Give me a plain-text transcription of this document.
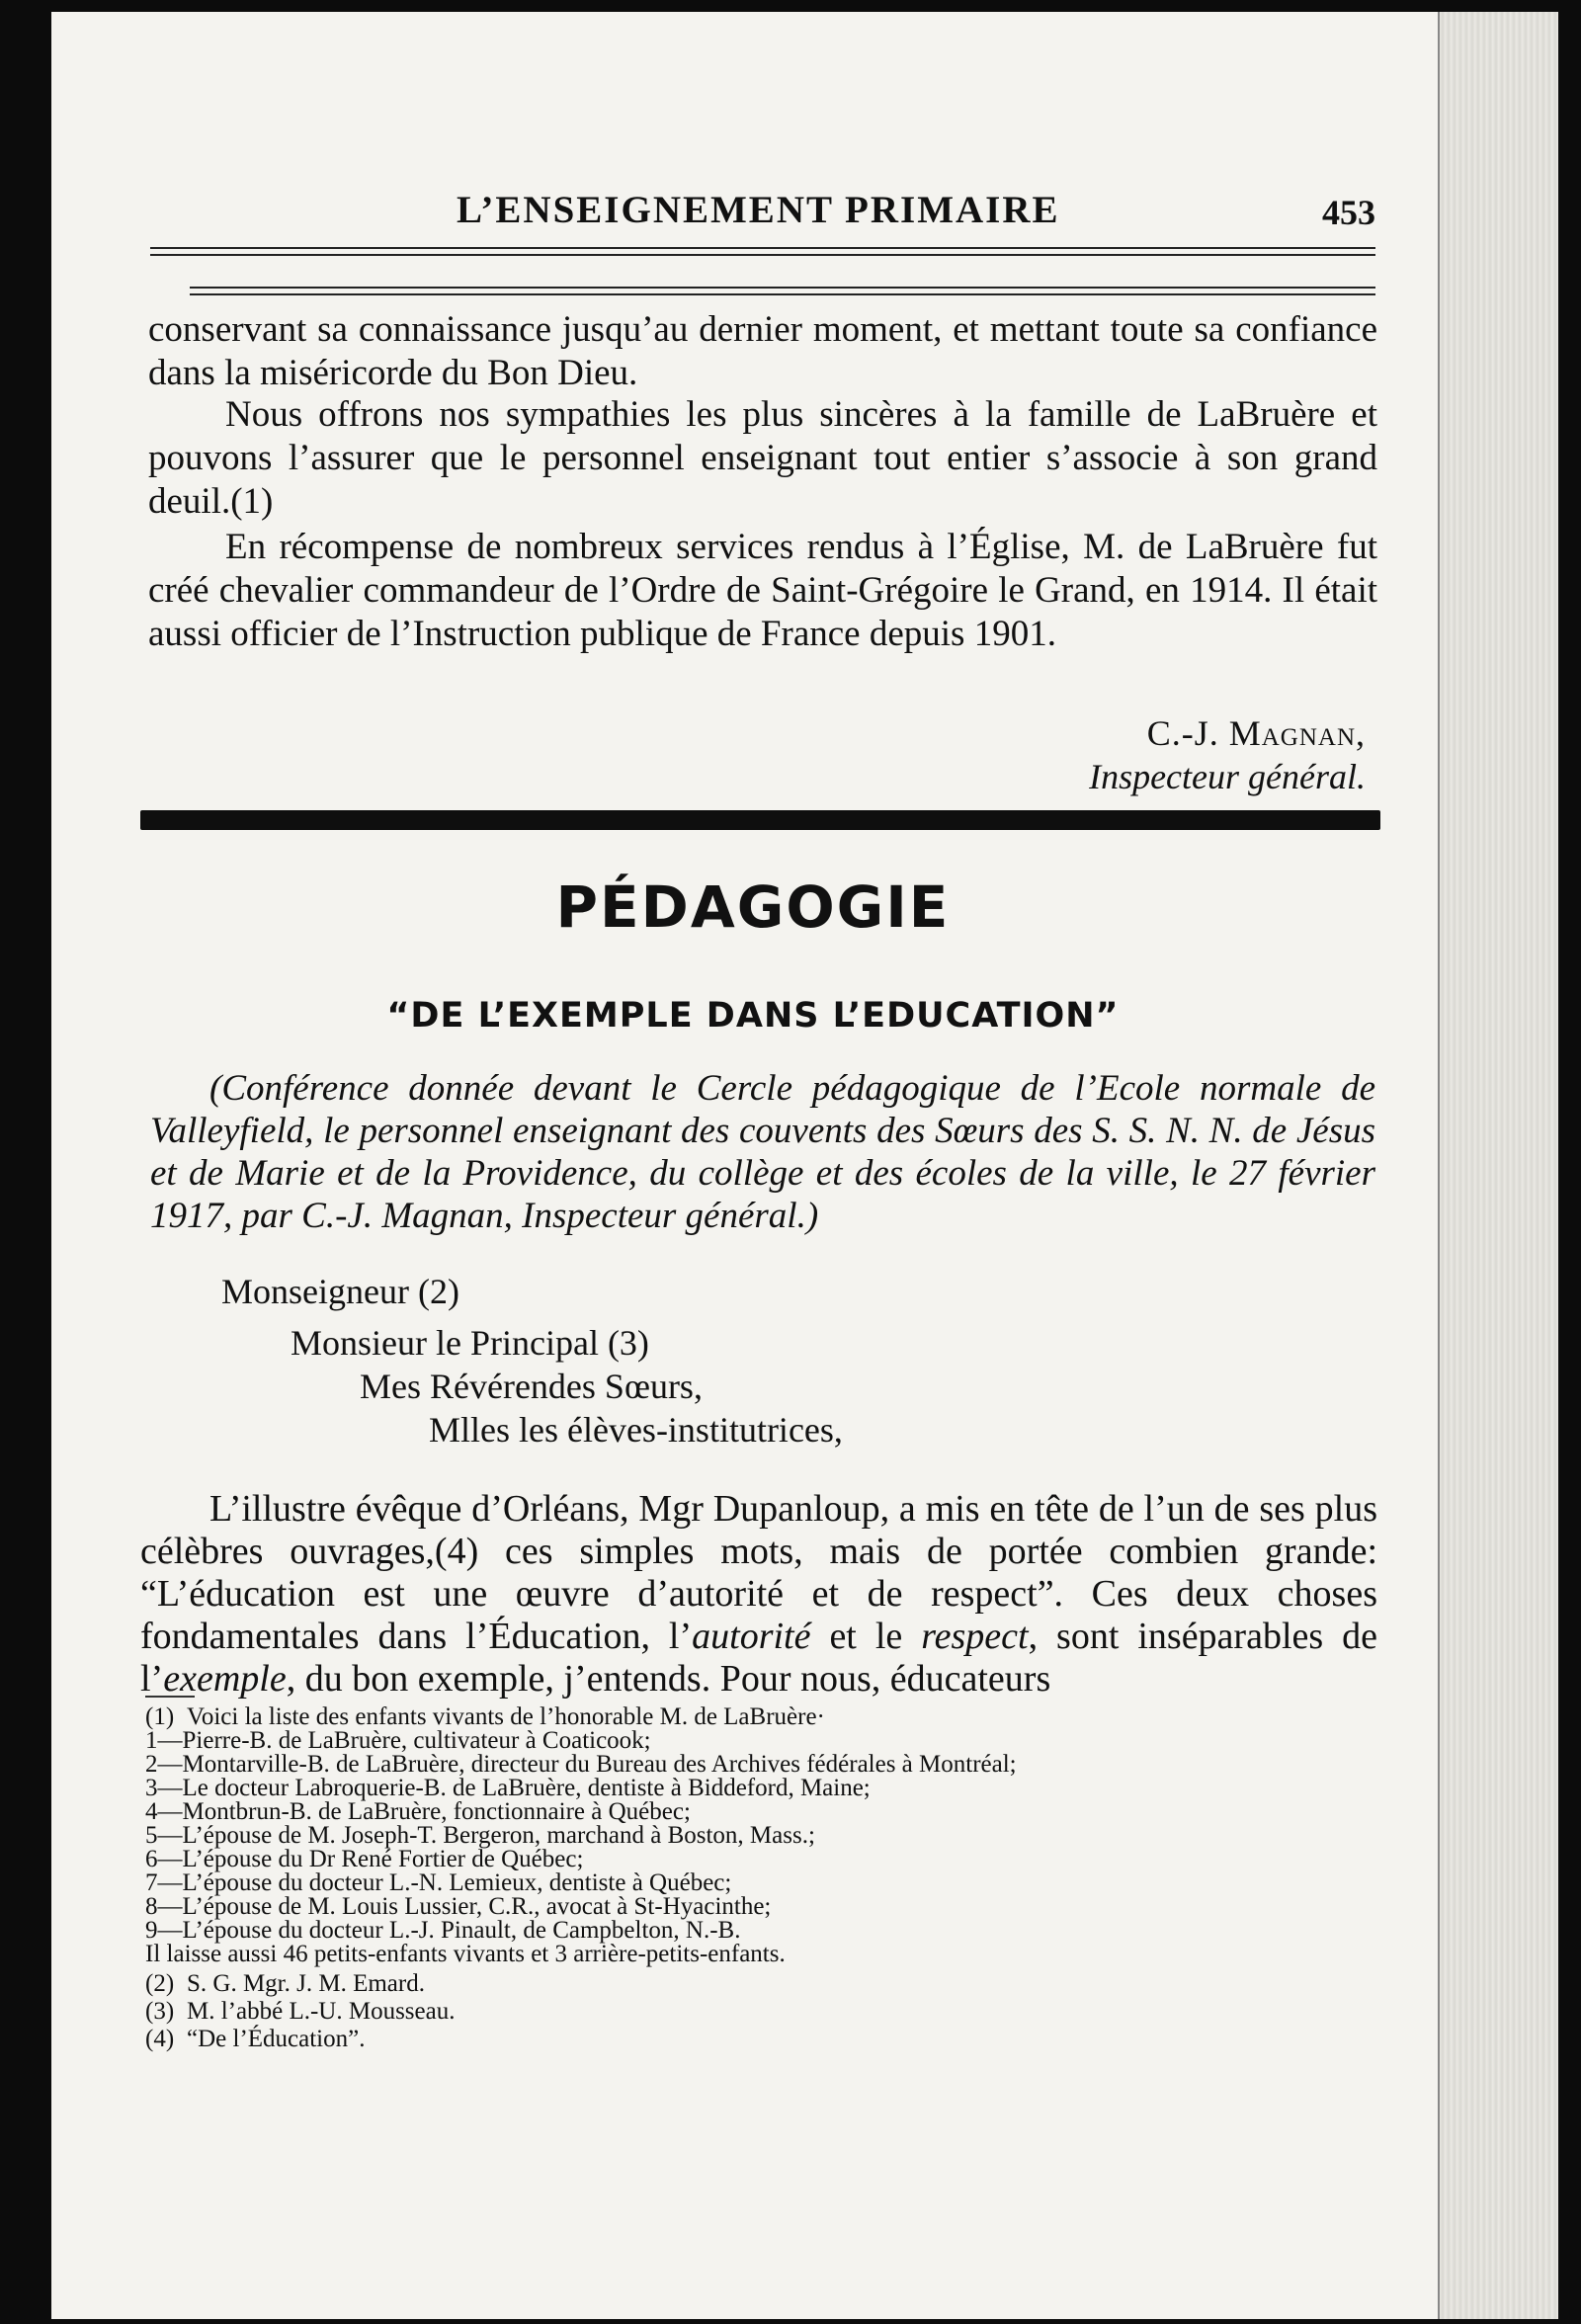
L’ENSEIGNEMENT PRIMAIRE	453
conservant sa connaissance jusqu’au dernier moment, et mettant toute sa confiance dans la miséricorde du Bon Dieu.
Nous offrons nos sympathies les plus sincères à la famille de LaBruère et pouvons l’assurer que le personnel enseignant tout entier s’associe à son grand deuil.(1)
En récompense de nombreux services rendus à l’Église, M. de LaBruère fut créé chevalier commandeur de l’Ordre de Saint-Grégoire le Grand, en 1914. Il était aussi officier de l’Instruction publique de France depuis 1901.
C.-J. Magnan,
Inspecteur général.
PÉDAGOGIE
“DE L’EXEMPLE DANS L’EDUCATION”
(Conférence donnée devant le Cercle pédagogique de l’Ecole normale de Valleyfield, le personnel enseignant des couvents des Sœurs des S. S. N. N. de Jésus et de Marie et de la Providence, du collège et des écoles de la ville, le 27 février 1917, par C.-J. Magnan, Inspecteur général.)
Monseigneur (2)
Monsieur le Principal (3)
Mes Révérendes Sœurs,
Mlles les élèves-institutrices,
L’illustre évêque d’Orléans, Mgr Dupanloup, a mis en tête de l’un de ses plus célèbres ouvrages,(4) ces simples mots, mais de portée combien grande: “L’éducation est une œuvre d’autorité et de respect”. Ces deux choses fondamentales dans l’Éducation, l’autorité et le respect, sont inséparables de l’exemple, du bon exemple, j’entends. Pour nous, éducateurs
(1) Voici la liste des enfants vivants de l’honorable M. de LaBruère·
1—Pierre-B. de LaBruère, cultivateur à Coaticook;
2—Montarville-B. de LaBruère, directeur du Bureau des Archives fédérales à Montréal;
3—Le docteur Labroquerie-B. de LaBruère, dentiste à Biddeford, Maine;
4—Montbrun-B. de LaBruère, fonctionnaire à Québec;
5—L’épouse de M. Joseph-T. Bergeron, marchand à Boston, Mass.;
6—L’épouse du Dr René Fortier de Québec;
7—L’épouse du docteur L.-N. Lemieux, dentiste à Québec;
8—L’épouse de M. Louis Lussier, C.R., avocat à St-Hyacinthe;
9—L’épouse du docteur L.-J. Pinault, de Campbelton, N.-B.
Il laisse aussi 46 petits-enfants vivants et 3 arrière-petits-enfants.
(2) S. G. Mgr. J. M. Emard.
(3) M. l’abbé L.-U. Mousseau.
(4) “De l’Éducation”.
